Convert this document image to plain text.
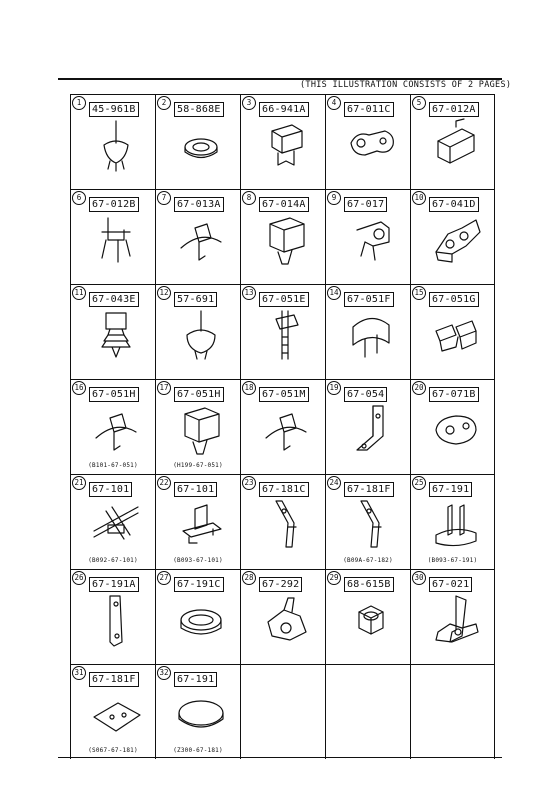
(THIS ILLUSTRATION CONSISTS OF 2 PAGES)
1
45-961B
2
58-868E
3
66-941A
4
67-011C
5
67-012A
6
67-012B
7
67-013A
8
67-014A
9
67-017
10
67-041D
11
67-043E
12
57-691
13
67-051E
14
67-051F
15
67-051G
16
67-051H
(B101-67-051)
17
67-051H
(H199-67-051)
18
67-051M
19
67-054
20
67-071B
21
67-101
(B092-67-101)
22
67-101
(B093-67-101)
23
67-181C
24
67-181F
(B09A-67-182)
25
67-191
(B093-67-191)
26
67-191A
27
67-191C
28
67-292
29
68-615B
30
67-021
31
67-181F
(S067-67-181)
32
67-191
(Z300-67-181)
